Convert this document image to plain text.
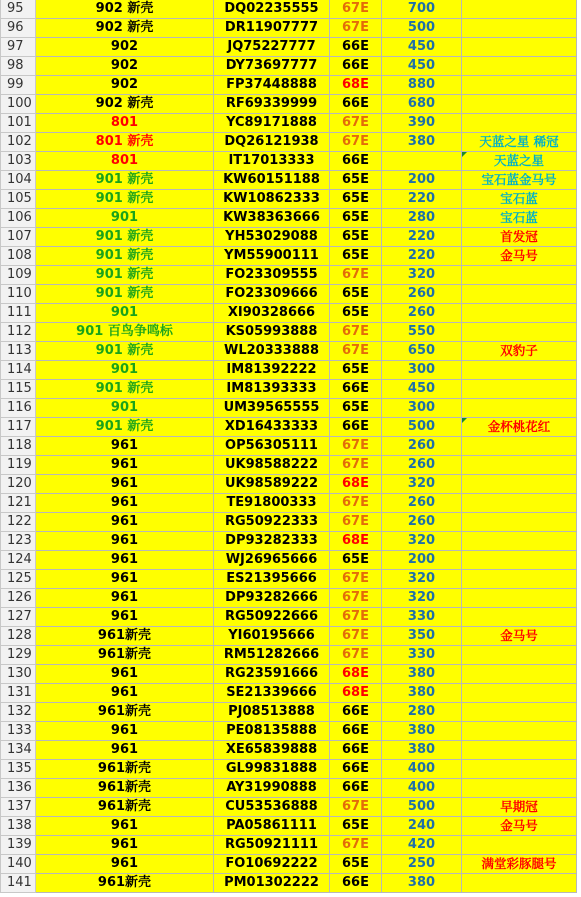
95	902 新壳	DQ02235555	67E	700	
96	902 新壳	DR11907777	67E	500	
97	902	JQ75227777	66E	450	
98	902	DY73697777	66E	450	
99	902	FP37448888	68E	880	
100	902 新壳	RF69339999	66E	680	
101	801	YC89171888	67E	390	
102	801 新壳	DQ26121938	67E	380	天蓝之星 稀冠
103	801	IT17013333	66E		天蓝之星

104	901 新壳	KW60151188	65E	200	宝石蓝金马号
105	901 新壳	KW10862333	65E	220	宝石蓝
106	901	KW38363666	65E	280	宝石蓝
107	901 新壳	YH53029088	65E	220	首发冠
108	901 新壳	YM55900111	65E	220	金马号
109	901 新壳	FO23309555	67E	320	
110	901 新壳	FO23309666	65E	260	
111	901	XI90328666	65E	260	
112	901 百鸟争鸣标	KS05993888	67E	550	
113	901 新壳	WL20333888	67E	650	双豹子
114	901	IM81392222	65E	300	
115	901 新壳	IM81393333	66E	450	
116	901	UM39565555	65E	300	
117	901 新壳	XD16433333	66E	500	金杯桃花红

118	961	OP56305111	67E	260	
119	961	UK98588222	67E	260	
120	961	UK98589222	68E	320	
121	961	TE91800333	67E	260	
122	961	RG50922333	67E	260	
123	961	DP93282333	68E	320	
124	961	WJ26965666	65E	200	
125	961	ES21395666	67E	320	
126	961	DP93282666	67E	320	
127	961	RG50922666	67E	330	
128	961新壳	YI60195666	67E	350	金马号
129	961新壳	RM51282666	67E	330	
130	961	RG23591666	68E	380	
131	961	SE21339666	68E	380	
132	961新壳	PJ08513888	66E	280	
133	961	PE08135888	66E	380	
134	961	XE65839888	66E	380	
135	961新壳	GL99831888	66E	400	
136	961新壳	AY31990888	66E	400	
137	961新壳	CU53536888	67E	500	早期冠
138	961	PA05861111	65E	240	金马号
139	961	RG50921111	67E	420	
140	961	FO10692222	65E	250	满堂彩豚腿号
141	961新壳	PM01302222	66E	380	
